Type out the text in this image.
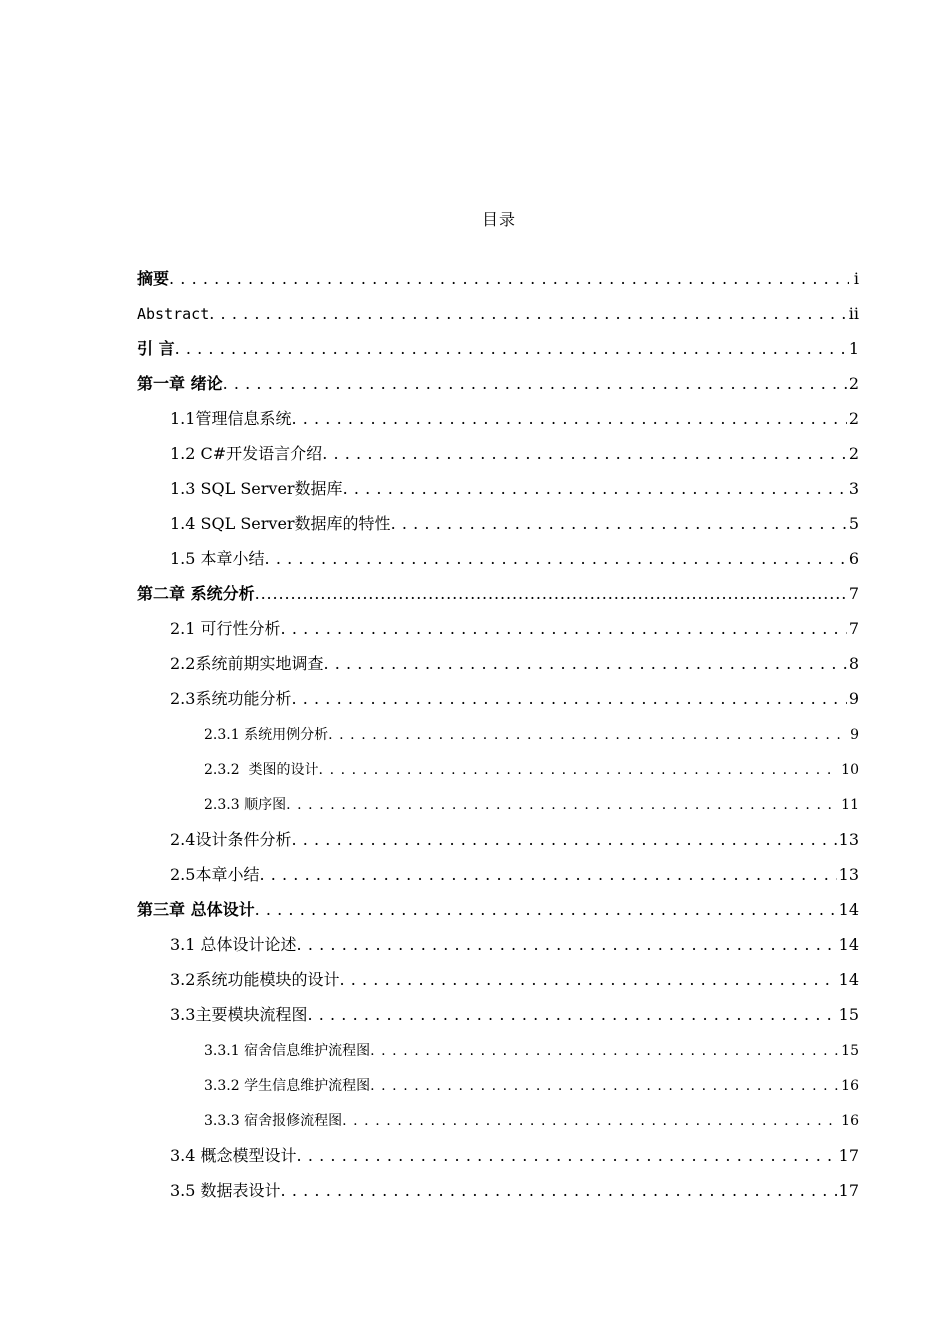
目录
摘要 .....	i
Abstract .....	ii
引 言 .....	1
第一章 绪论 .....	2
1.1管理信息系统 .....	2
1.2 C#开发语言介绍 .....	2
1.3 SQL Server数据库 .....	3
1.4 SQL Server数据库的特性 .....	5
1.5 本章小结 .....	6
第二章 系统分析 .....	7
2.1 可行性分析 .....	7
2.2系统前期实地调查 .....	8
2.3系统功能分析 .....	9
2.3.1 系统用例分析 .....	9
2.3.2  类图的设计 .....	10
2.3.3 顺序图 .....	11
2.4设计条件分析 .....	13
2.5本章小结 .....	13
第三章 总体设计 .....	14
3.1 总体设计论述 .....	14
3.2系统功能模块的设计 .....	14
3.3主要模块流程图 .....	15
3.3.1 宿舍信息维护流程图 .....	15
3.3.2 学生信息维护流程图 .....	16
3.3.3 宿舍报修流程图 .....	16
3.4 概念模型设计 .....	17
3.5 数据表设计 .....	17
